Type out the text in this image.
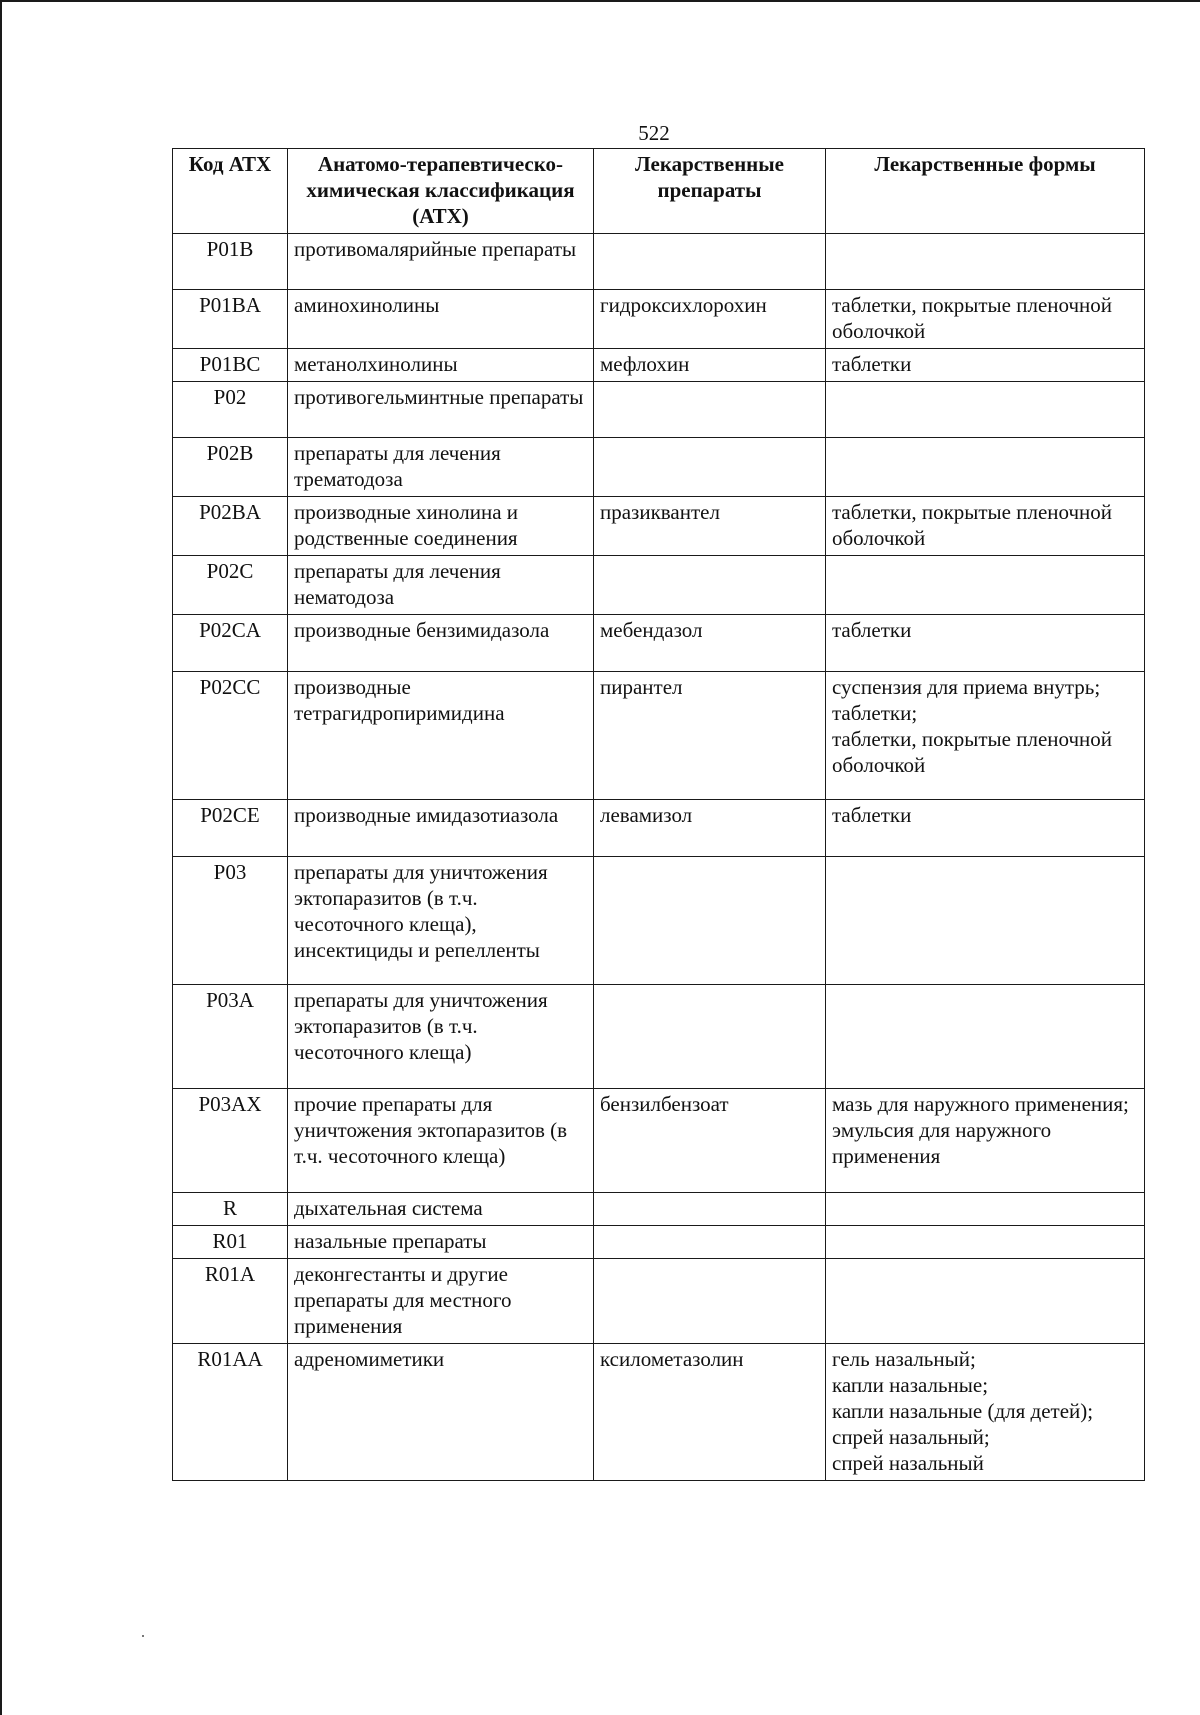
522
Код АТХ	Анатомо-терапевтическо-химическая классификация (АТХ)	Лекарственные препараты	Лекарственные формы
P01B	противомалярийные препараты		
P01BA	аминохинолины	гидроксихлорохин	таблетки, покрытые пленочной оболочкой
P01BC	метанолхинолины	мефлохин	таблетки
P02	противогельминтные препараты		
P02B	препараты для лечения трематодоза		
P02BA	производные хинолина и родственные соединения	празиквантел	таблетки, покрытые пленочной оболочкой
P02C	препараты для лечения нематодоза		
P02CA	производные бензимидазола	мебендазол	таблетки
P02CC	производные тетрагидропиримидина	пирантел	суспензия для приема внутрь;
таблетки;
таблетки, покрытые пленочной оболочкой
P02CE	производные имидазотиазола	левамизол	таблетки
P03	препараты для уничтожения эктопаразитов (в т.ч. чесоточного клеща), инсектициды и репелленты		
P03A	препараты для уничтожения эктопаразитов (в т.ч. чесоточного клеща)		
P03AX	прочие препараты для уничтожения эктопаразитов (в т.ч. чесоточного клеща)	бензилбензоат	мазь для наружного применения;
эмульсия для наружного применения
R	дыхательная система		
R01	назальные препараты		
R01A	деконгестанты и другие препараты для местного применения		
R01AA	адреномиметики	ксилометазолин	гель назальный;
капли назальные;
капли назальные (для детей);
спрей назальный;
спрей назальный
